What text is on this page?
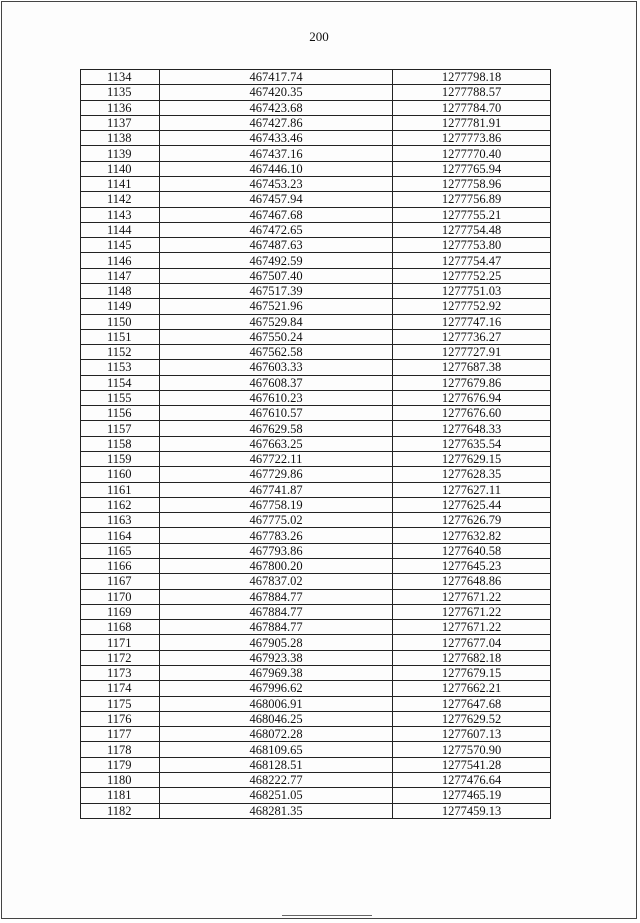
200
1134	467417.74	1277798.18
1135	467420.35	1277788.57
1136	467423.68	1277784.70
1137	467427.86	1277781.91
1138	467433.46	1277773.86
1139	467437.16	1277770.40
1140	467446.10	1277765.94
1141	467453.23	1277758.96
1142	467457.94	1277756.89
1143	467467.68	1277755.21
1144	467472.65	1277754.48
1145	467487.63	1277753.80
1146	467492.59	1277754.47
1147	467507.40	1277752.25
1148	467517.39	1277751.03
1149	467521.96	1277752.92
1150	467529.84	1277747.16
1151	467550.24	1277736.27
1152	467562.58	1277727.91
1153	467603.33	1277687.38
1154	467608.37	1277679.86
1155	467610.23	1277676.94
1156	467610.57	1277676.60
1157	467629.58	1277648.33
1158	467663.25	1277635.54
1159	467722.11	1277629.15
1160	467729.86	1277628.35
1161	467741.87	1277627.11
1162	467758.19	1277625.44
1163	467775.02	1277626.79
1164	467783.26	1277632.82
1165	467793.86	1277640.58
1166	467800.20	1277645.23
1167	467837.02	1277648.86
1170	467884.77	1277671.22
1169	467884.77	1277671.22
1168	467884.77	1277671.22
1171	467905.28	1277677.04
1172	467923.38	1277682.18
1173	467969.38	1277679.15
1174	467996.62	1277662.21
1175	468006.91	1277647.68
1176	468046.25	1277629.52
1177	468072.28	1277607.13
1178	468109.65	1277570.90
1179	468128.51	1277541.28
1180	468222.77	1277476.64
1181	468251.05	1277465.19
1182	468281.35	1277459.13
